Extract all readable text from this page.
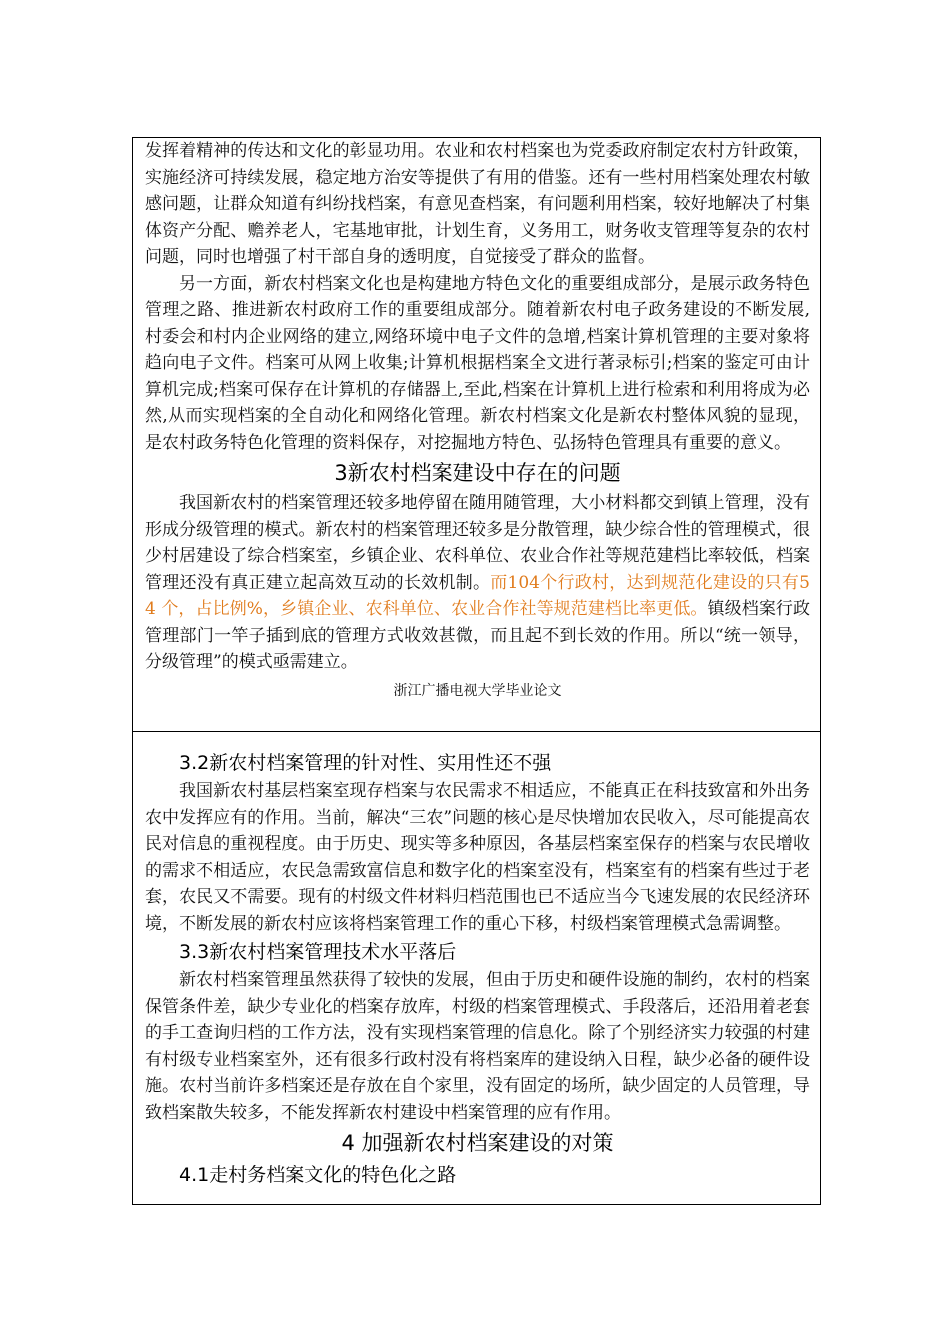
发挥着精神的传达和文化的彰显功用。农业和农村档案也为党委政府制定农村方针政策，实施经济可持续发展，稳定地方治安等提供了有用的借鉴。还有一些村用档案处理农村敏感问题，让群众知道有纠纷找档案，有意见查档案，有问题利用档案，较好地解决了村集体资产分配、赡养老人，宅基地审批，计划生育，义务用工，财务收支管理等复杂的农村问题，同时也增强了村干部自身的透明度，自觉接受了群众的监督。

另一方面，新农村档案文化也是构建地方特色文化的重要组成部分，是展示政务特色管理之路、推进新农村政府工作的重要组成部分。随着新农村电子政务建设的不断发展,村委会和村内企业网络的建立,网络环境中电子文件的急增,档案计算机管理的主要对象将趋向电子文件。档案可从网上收集;计算机根据档案全文进行著录标引;档案的鉴定可由计算机完成;档案可保存在计算机的存储器上,至此,档案在计算机上进行检索和利用将成为必然,从而实现档案的全自动化和网络化管理。新农村档案文化是新农村整体风貌的显现，是农村政务特色化管理的资料保存，对挖掘地方特色、弘扬特色管理具有重要的意义。

3新农村档案建设中存在的问题

我国新农村的档案管理还较多地停留在随用随管理，大小材料都交到镇上管理，没有形成分级管理的模式。新农村的档案管理还较多是分散管理，缺少综合性的管理模式，很少村居建设了综合档案室，乡镇企业、农科单位、农业合作社等规范建档比率较低，档案管理还没有真正建立起高效互动的长效机制。而104个行政村，达到规范化建设的只有5 4 个，占比例%，乡镇企业、农科单位、农业合作社等规范建档比率更低。镇级档案行政管理部门一竿子插到底的管理方式收效甚微，而且起不到长效的作用。所以“统一领导，分级管理”的模式亟需建立。

浙江广播电视大学毕业论文
3.2新农村档案管理的针对性、实用性还不强

我国新农村基层档案室现存档案与农民需求不相适应，不能真正在科技致富和外出务农中发挥应有的作用。当前，解决“三农”问题的核心是尽快增加农民收入，尽可能提高农民对信息的重视程度。由于历史、现实等多种原因，各基层档案室保存的档案与农民增收的需求不相适应，农民急需致富信息和数字化的档案室没有，档案室有的档案有些过于老套，农民又不需要。现有的村级文件材料归档范围也已不适应当今飞速发展的农民经济环境，不断发展的新农村应该将档案管理工作的重心下移，村级档案管理模式急需调整。

3.3新农村档案管理技术水平落后

新农村档案管理虽然获得了较快的发展，但由于历史和硬件设施的制约，农村的档案保管条件差，缺少专业化的档案存放库，村级的档案管理模式、手段落后，还沿用着老套的手工查询归档的工作方法，没有实现档案管理的信息化。除了个别经济实力较强的村建有村级专业档案室外，还有很多行政村没有将档案库的建设纳入日程，缺少必备的硬件设施。农村当前许多档案还是存放在自个家里，没有固定的场所，缺少固定的人员管理，导致档案散失较多，不能发挥新农村建设中档案管理的应有作用。

4 加强新农村档案建设的对策
4.1走村务档案文化的特色化之路
